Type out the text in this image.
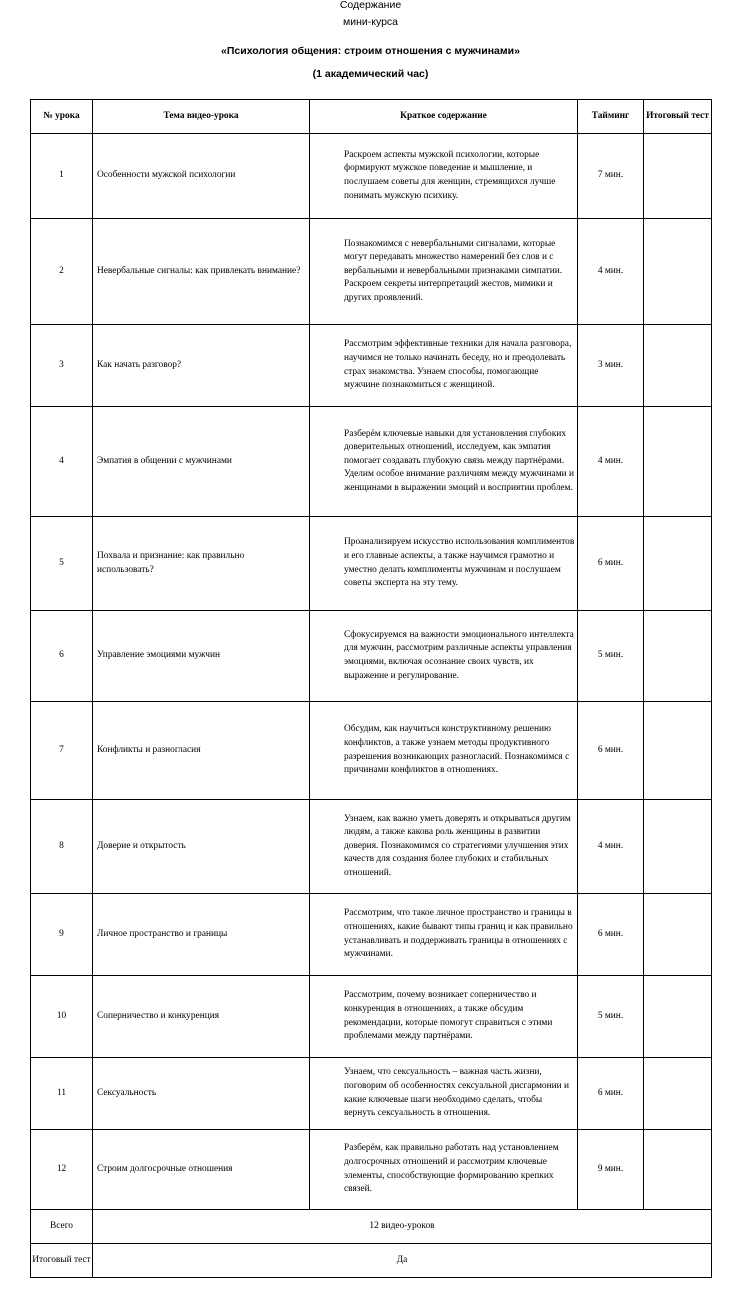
Содержание
мини-курса
«Психология общения: строим отношения с мужчинами»
(1 академический час)
№ урока	Тема видео-урока	Краткое содержание	Тайминг	Итоговый тест
1	Особенности мужской психологии	Раскроем аспекты мужской психологии, которые формируют мужское поведение и мышление, и послушаем советы для женщин, стремящихся лучше понимать мужскую психику.	7 мин.	
2	Невербальные сигналы: как привлекать внимание?	Познакомимся с невербальными сигналами, которые могут передавать множество намерений без слов и с вербальными и невербальными признаками симпатии. Раскроем секреты интерпретаций жестов, мимики и других проявлений.	4 мин.	
3	Как начать разговор?	Рассмотрим эффективные техники для начала разговора, научимся не только начинать беседу, но и преодолевать страх знакомства. Узнаем способы, помогающие мужчине познакомиться с женщиной.	3 мин.	
4	Эмпатия в общении с мужчинами	Разберём ключевые навыки для установления глубоких доверительных отношений, исследуем, как эмпатия помогает создавать глубокую связь между партнёрами. Уделим особое внимание различиям между мужчинами и женщинами в выражении эмоций и восприятии проблем.	4 мин.	
5	Похвала и признание: как правильно использовать?	Проанализируем искусство использования комплиментов и его главные аспекты, а также научимся грамотно и уместно делать комплименты мужчинам и послушаем советы эксперта на эту тему.	6 мин.	
6	Управление эмоциями мужчин	Сфокусируемся на важности эмоционального интеллекта для мужчин, рассмотрим различные аспекты управления эмоциями, включая осознание своих чувств, их выражение и регулирование.	5 мин.	
7	Конфликты и разногласия	Обсудим, как научиться конструктивному решению конфликтов, а также узнаем методы продуктивного разрешения возникающих разногласий. Познакомимся с причинами конфликтов в отношениях.	6 мин.	
8	Доверие и открытость	Узнаем, как важно уметь доверять и открываться другим людям, а также какова роль женщины в развитии доверия. Познакомимся со стратегиями улучшения этих качеств для создания более глубоких и стабильных отношений.	4 мин.	
9	Личное пространство и границы	Рассмотрим, что такое личное пространство и границы в отношениях, какие бывают типы границ и как правильно устанавливать и поддерживать границы в отношениях с мужчинами.	6 мин.	
10	Соперничество и конкуренция	Рассмотрим, почему возникает соперничество и конкуренция в отношениях, а также обсудим рекомендации, которые помогут справиться с этими проблемами между партнёрами.	5 мин.	
11	Сексуальность	Узнаем, что сексуальность – важная часть жизни, поговорим об особенностях сексуальной дисгармонии и какие ключевые шаги необходимо сделать, чтобы вернуть сексуальность в отношения.	6 мин.	
12	Строим долгосрочные отношения	Разберём, как правильно работать над установлением долгосрочных отношений и рассмотрим ключевые элементы, способствующие формированию крепких связей.	9 мин.	
Всего	12 видео-уроков			
Итоговый тест	Да			
